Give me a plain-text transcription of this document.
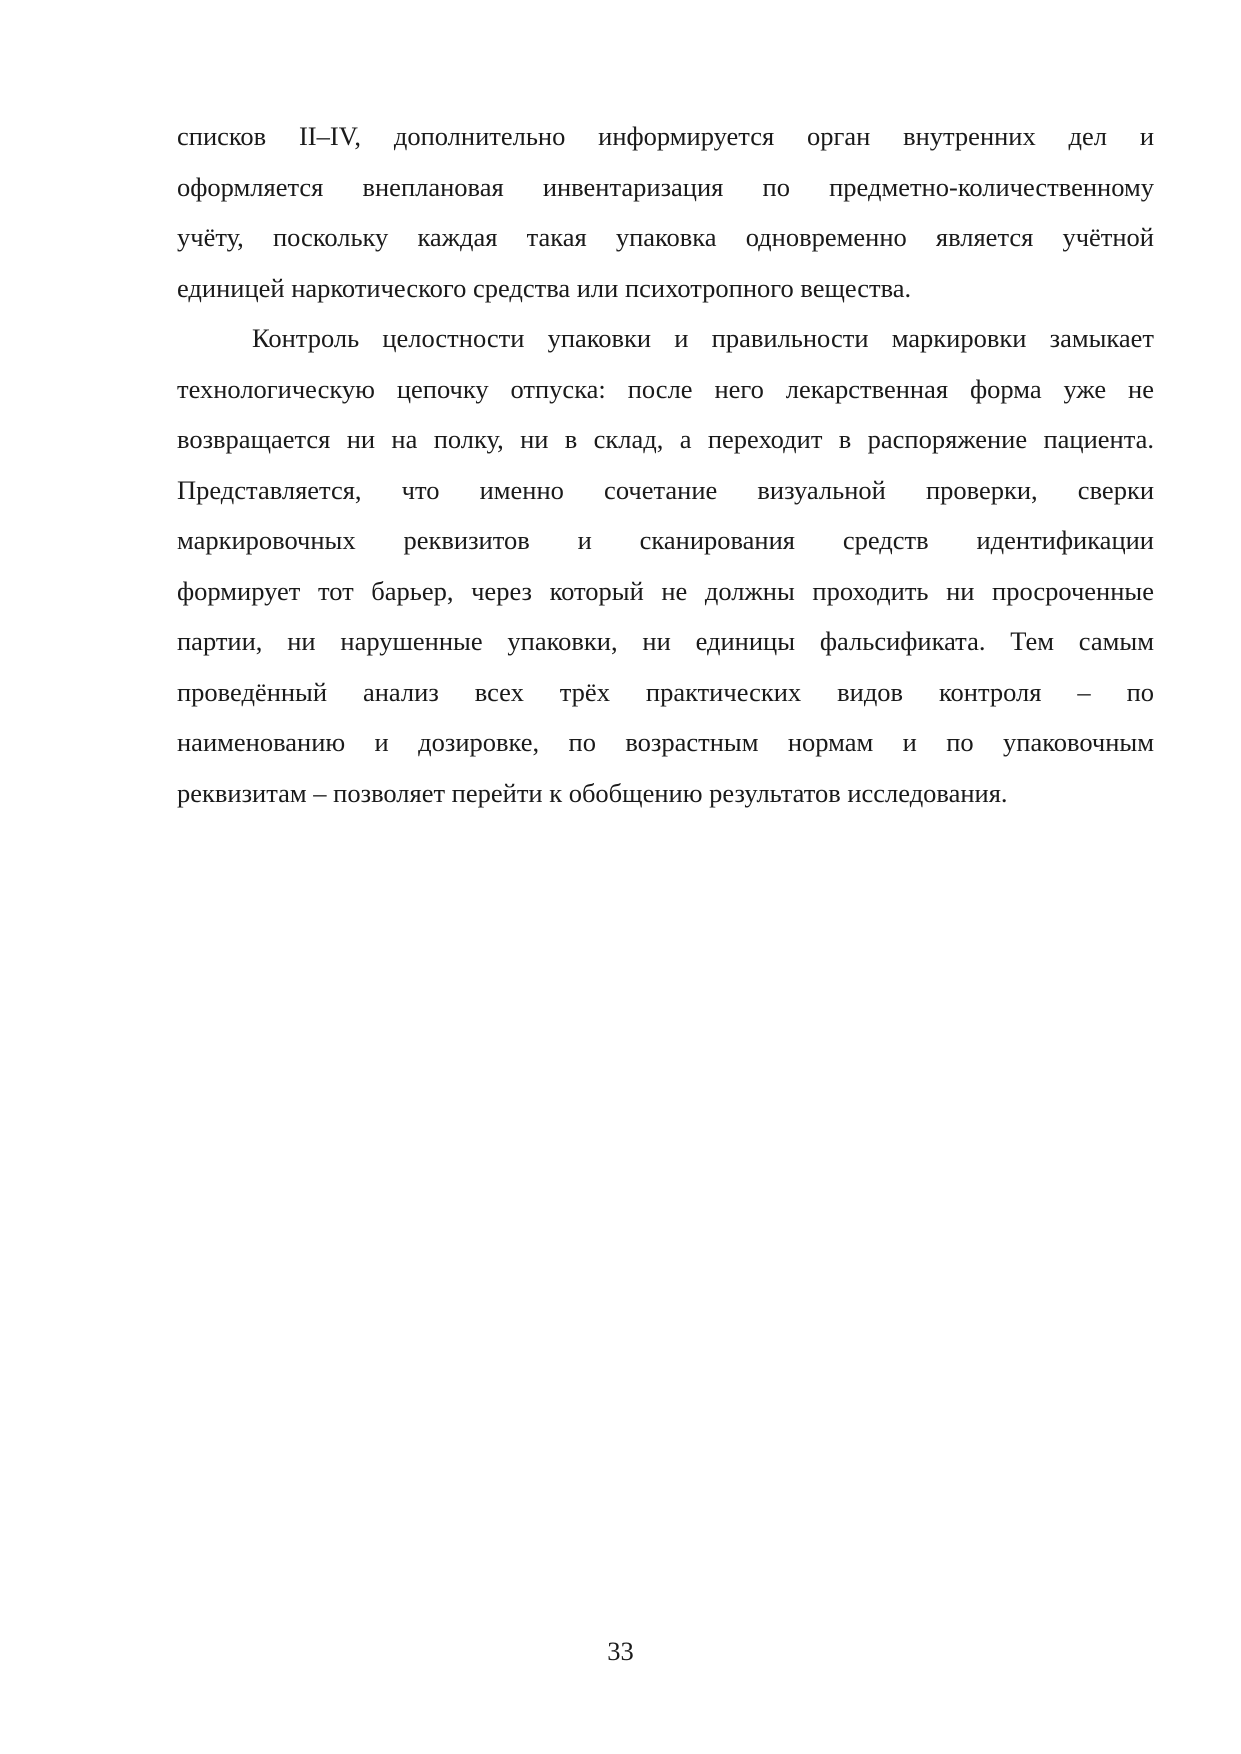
списков II–IV, дополнительно информируется орган внутренних дел и
оформляется внеплановая инвентаризация по предметно-количественному
учёту, поскольку каждая такая упаковка одновременно является учётной
единицей наркотического средства или психотропного вещества.

Контроль целостности упаковки и правильности маркировки замыкает
технологическую цепочку отпуска: после него лекарственная форма уже не
возвращается ни на полку, ни в склад, а переходит в распоряжение пациента.
Представляется, что именно сочетание визуальной проверки, сверки
маркировочных реквизитов и сканирования средств идентификации
формирует тот барьер, через который не должны проходить ни просроченные
партии, ни нарушенные упаковки, ни единицы фальсификата. Тем самым
проведённый анализ всех трёх практических видов контроля – по
наименованию и дозировке, по возрастным нормам и по упаковочным
реквизитам – позволяет перейти к обобщению результатов исследования.

33
